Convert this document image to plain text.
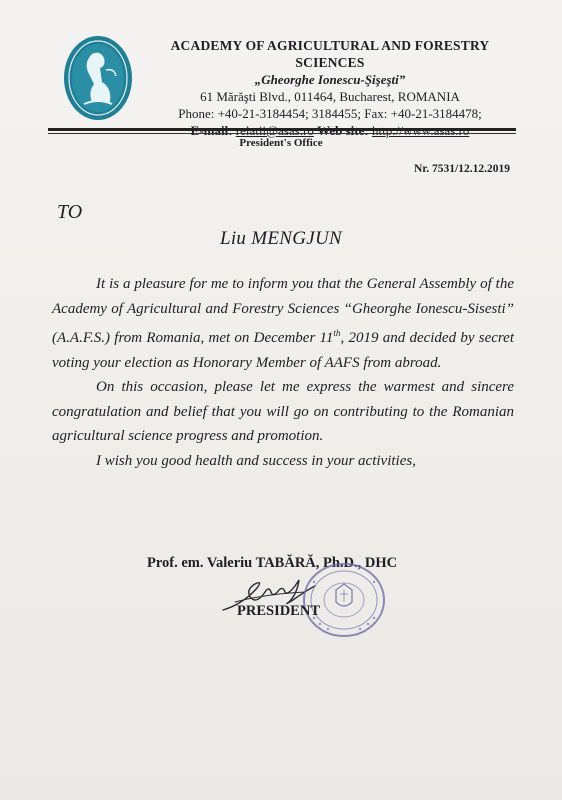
ACADEMY OF AGRICULTURAL AND FORESTRY
SCIENCES
„Gheorghe Ionescu-Şişeşti”
61 Mărăşti Blvd., 011464, Bucharest, ROMANIA
Phone: +40-21-3184454; 3184455; Fax: +40-21-3184478;
President's Office
Nr. 7531/12.12.2019
TO
Liu MENGJUN

It is a pleasure for me to inform you that the General Assembly of the Academy of Agricultural and Forestry Sciences “Gheorghe Ionescu-Sisesti” (A.A.F.S.) from Romania, met on December 11th, 2019 and decided by secret voting your election as Honorary Member of AAFS from abroad.

On this occasion, please let me express the warmest and sincere congratulation and belief that you will go on contributing to the Romanian agricultural science progress and promotion.

I wish you good health and success in your activities,

Prof. em. Valeriu TABĂRĂ, Ph.D., DHC
PRESIDENT
